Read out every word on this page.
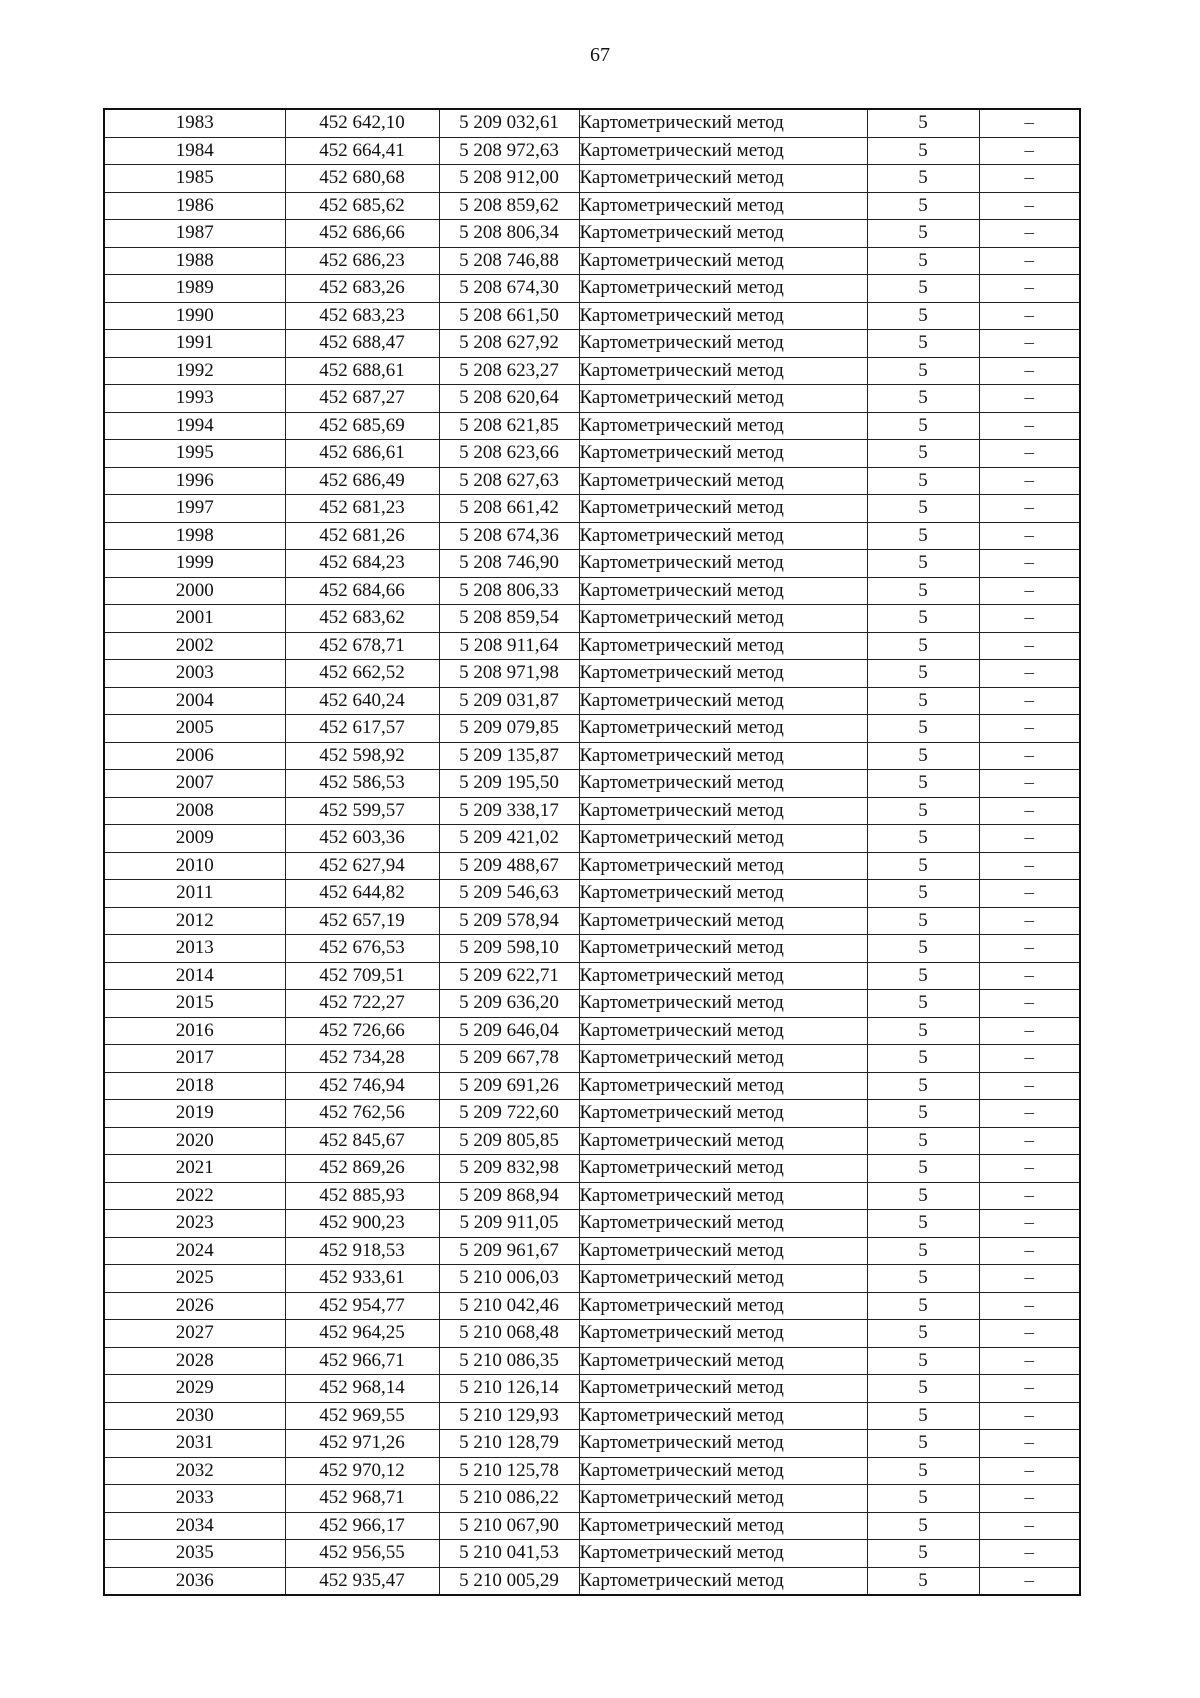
67
1983	452 642,10	5 209 032,61	Картометрический метод	5	–
1984	452 664,41	5 208 972,63	Картометрический метод	5	–
1985	452 680,68	5 208 912,00	Картометрический метод	5	–
1986	452 685,62	5 208 859,62	Картометрический метод	5	–
1987	452 686,66	5 208 806,34	Картометрический метод	5	–
1988	452 686,23	5 208 746,88	Картометрический метод	5	–
1989	452 683,26	5 208 674,30	Картометрический метод	5	–
1990	452 683,23	5 208 661,50	Картометрический метод	5	–
1991	452 688,47	5 208 627,92	Картометрический метод	5	–
1992	452 688,61	5 208 623,27	Картометрический метод	5	–
1993	452 687,27	5 208 620,64	Картометрический метод	5	–
1994	452 685,69	5 208 621,85	Картометрический метод	5	–
1995	452 686,61	5 208 623,66	Картометрический метод	5	–
1996	452 686,49	5 208 627,63	Картометрический метод	5	–
1997	452 681,23	5 208 661,42	Картометрический метод	5	–
1998	452 681,26	5 208 674,36	Картометрический метод	5	–
1999	452 684,23	5 208 746,90	Картометрический метод	5	–
2000	452 684,66	5 208 806,33	Картометрический метод	5	–
2001	452 683,62	5 208 859,54	Картометрический метод	5	–
2002	452 678,71	5 208 911,64	Картометрический метод	5	–
2003	452 662,52	5 208 971,98	Картометрический метод	5	–
2004	452 640,24	5 209 031,87	Картометрический метод	5	–
2005	452 617,57	5 209 079,85	Картометрический метод	5	–
2006	452 598,92	5 209 135,87	Картометрический метод	5	–
2007	452 586,53	5 209 195,50	Картометрический метод	5	–
2008	452 599,57	5 209 338,17	Картометрический метод	5	–
2009	452 603,36	5 209 421,02	Картометрический метод	5	–
2010	452 627,94	5 209 488,67	Картометрический метод	5	–
2011	452 644,82	5 209 546,63	Картометрический метод	5	–
2012	452 657,19	5 209 578,94	Картометрический метод	5	–
2013	452 676,53	5 209 598,10	Картометрический метод	5	–
2014	452 709,51	5 209 622,71	Картометрический метод	5	–
2015	452 722,27	5 209 636,20	Картометрический метод	5	–
2016	452 726,66	5 209 646,04	Картометрический метод	5	–
2017	452 734,28	5 209 667,78	Картометрический метод	5	–
2018	452 746,94	5 209 691,26	Картометрический метод	5	–
2019	452 762,56	5 209 722,60	Картометрический метод	5	–
2020	452 845,67	5 209 805,85	Картометрический метод	5	–
2021	452 869,26	5 209 832,98	Картометрический метод	5	–
2022	452 885,93	5 209 868,94	Картометрический метод	5	–
2023	452 900,23	5 209 911,05	Картометрический метод	5	–
2024	452 918,53	5 209 961,67	Картометрический метод	5	–
2025	452 933,61	5 210 006,03	Картометрический метод	5	–
2026	452 954,77	5 210 042,46	Картометрический метод	5	–
2027	452 964,25	5 210 068,48	Картометрический метод	5	–
2028	452 966,71	5 210 086,35	Картометрический метод	5	–
2029	452 968,14	5 210 126,14	Картометрический метод	5	–
2030	452 969,55	5 210 129,93	Картометрический метод	5	–
2031	452 971,26	5 210 128,79	Картометрический метод	5	–
2032	452 970,12	5 210 125,78	Картометрический метод	5	–
2033	452 968,71	5 210 086,22	Картометрический метод	5	–
2034	452 966,17	5 210 067,90	Картометрический метод	5	–
2035	452 956,55	5 210 041,53	Картометрический метод	5	–
2036	452 935,47	5 210 005,29	Картометрический метод	5	–
